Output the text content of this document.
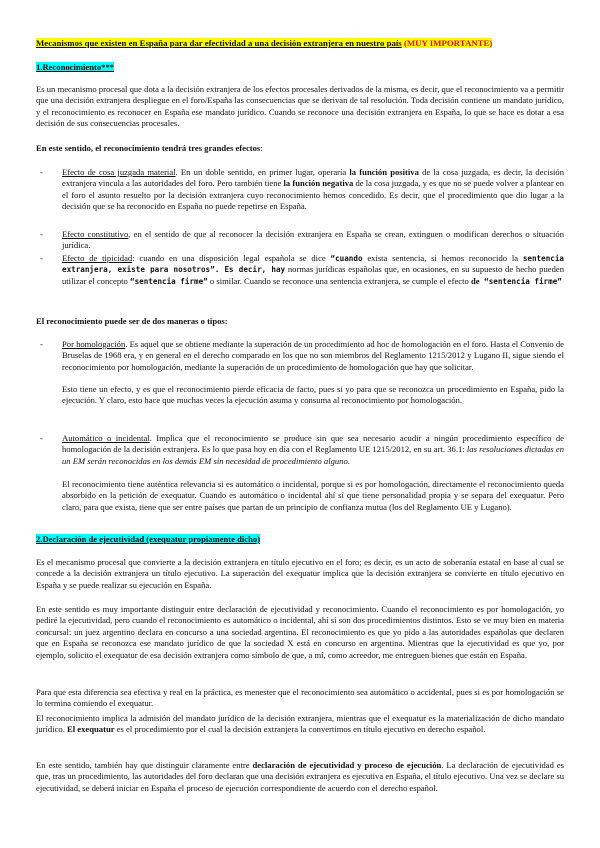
Mecanismos que existen en España para dar efectividad a una decisión extranjera en nuestro país (MUY IMPORTANTE)
1.Reconocimiento***
Es un mecanismo procesal que dota a la decisión extranjera de los efectos procesales derivados de la misma, es decir, que el reconocimiento va a permitir que una decisión extranjera despliegue en el foro/España las consecuencias que se derivan de tal resolución. Toda decisión contiene un mandato jurídico, y el reconocimiento es reconocer en España ese mandato jurídico. Cuando se reconoce una decisión extranjera en España, lo que se hace es dotar a esa decisión de sus consecuencias procesales.
En este sentido, el reconocimiento tendrá tres grandes efectos:
- Efecto de cosa juzgada material. En un doble sentido, en primer lugar, operaría la función positiva de la cosa juzgada, es decir, la decisión extranjera vincula a las autoridades del foro. Pero también tiene la función negativa de la cosa juzgada, y es que no se puede volver a plantear en el foro el asunto resuelto por la decisión extranjera cuyo reconocimiento hemos concedido. Es decir, que el procedimiento que dio lugar a la decisión que se ha reconocido en España no puede repetirse en España.
- Efecto constitutivo, en el sentido de que al reconocer la decisión extranjera en España se crean, extinguen o modifican derechos o situación jurídica.
- Efecto de tipicidad: cuando en una disposición legal española se dice “cuando exista sentencia, si hemos reconocido la sentencia extranjera, existe para nosotros”. Es decir, hay normas jurídicas españolas que, en ocasiones, en su supuesto de hecho pueden utilizar el concepto “sentencia firme” o similar. Cuando se reconoce una sentencia extranjera, se cumple el efecto de “sentencia firme”
El reconocimiento puede ser de dos maneras o tipos:
- Por homologación. Es aquel que se obtiene mediante la superación de un procedimiento ad hoc de homologación en el foro. Hasta el Convenio de Bruselas de 1968 era, y en general en el derecho comparado en los que no son miembros del Reglamento 1215/2012 y Lugano II, sigue siendo el reconocimiento por homologación, mediante la superación de un procedimiento de homologación que hay que solicitar.
Esto tiene un efecto, y es que el reconocimiento pierde eficacia de facto, pues si yo para que se reconozca un procedimiento en España, pido la ejecución. Y claro, esto hace que muchas veces la ejecución asuma y consuma al reconocimiento por homologación.
- Automático o incidental. Implica que el reconocimiento se produce sin que sea necesario acudir a ningún procedimiento específico de homologación de la decisión extranjera. Es lo que pasa hoy en día con el Reglamento UE 1215/2012, en su art. 36.1: las resoluciones dictadas en un EM serán reconocidas en los demás EM sin necesidad de procedimiento alguno.
El reconocimiento tiene auténtica relevancia si es automático o incidental, porque si es por homologación, directamente el reconocimiento queda absorbido en la petición de exequatur. Cuando es automático o incidental ahí sí que tiene personalidad propia y se separa del exequatur. Pero claro, para que exista, tiene que ser entre países que partan de un principio de confianza mutua (los del Reglamento UE y Lugano).
2.Declaración de ejecutividad (exequatur propiamente dicho)
Es el mecanismo procesal que convierte a la decisión extranjera en título ejecutivo en el foro; es decir, es un acto de soberanía estatal en base al cual se concede a la decisión extranjera un título ejecutivo. La superación del exequatur implica que la decisión extranjera se convierte en título ejecutivo en España y se puede realizar su ejecución en España.
En este sentido es muy importante distinguir entre declaración de ejecutividad y reconocimiento. Cuando el reconocimiento es por homologación, yo pediré la ejecutividad, pero cuando el reconocimiento es automático o incidental, ahí sí son dos procedimientos distintos. Esto se ve muy bien en materia concursal: un juez argentino declara en concurso a una sociedad argentina. El reconocimiento es que yo pido a las autoridades españolas que declaren que en España se reconozca ese mandato jurídico de que la sociedad X está en concurso en argentina. Mientras que la ejecutividad es que yo, por ejemplo, solicito el exequatur de esa decisión extranjera como símbolo de que, a mí, como acreedor, me entreguen bienes que están en España.
Para que esta diferencia sea efectiva y real en la práctica, es menester que el reconocimiento sea automático o accidental, pues si es por homologación se lo termina comiendo el exequatur.
El reconocimiento implica la admisión del mandato jurídico de la decisión extranjera, mientras que el exequatur es la materialización de dicho mandato jurídico. El exequatur es el procedimiento por el cual la decisión extranjera la convertimos en título ejecutivo en derecho español.
En este sentido, también hay que distinguir claramente entre declaración de ejecutividad y proceso de ejecución. La declaración de ejecutividad es que, tras un procedimiento, las autoridades del foro declaran que una decisión extranjera es ejecutiva en España, el título ejecutivo. Una vez se declare su ejecutividad, se deberá iniciar en España el proceso de ejecución correspondiente de acuerdo con el derecho español.
